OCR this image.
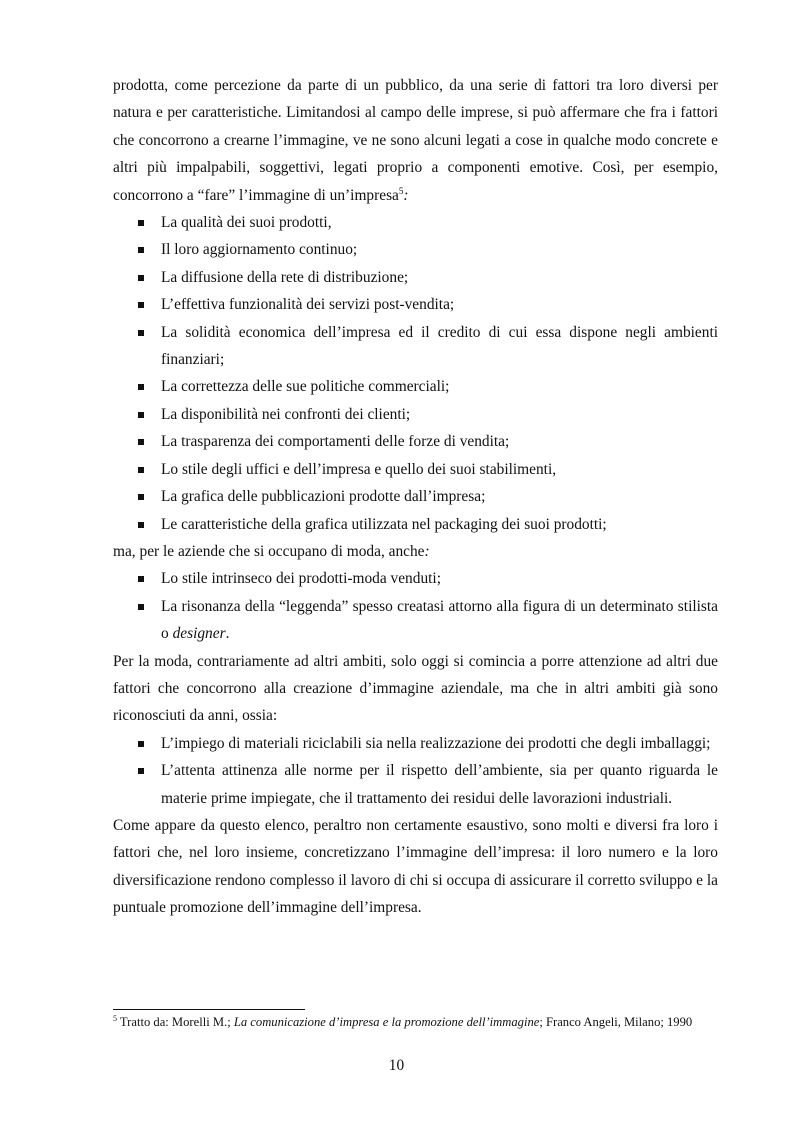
prodotta, come percezione da parte di un pubblico, da una serie di fattori tra loro diversi per natura e per caratteristiche. Limitandosi al campo delle imprese, si può affermare che fra i fattori che concorrono a crearne l’immagine, ve ne sono alcuni legati a cose in qualche modo concrete e altri più impalpabili, soggettivi, legati proprio a componenti emotive. Così, per esempio, concorrono a “fare” l’immagine di un’impresa$^5$:

La qualità dei suoi prodotti,
Il loro aggiornamento continuo;
La diffusione della rete di distribuzione;
L’effettiva funzionalità dei servizi post-vendita;
La solidità economica dell’impresa ed il credito di cui essa dispone negli ambienti finanziari;
La correttezza delle sue politiche commerciali;
La disponibilità nei confronti dei clienti;
La trasparenza dei comportamenti delle forze di vendita;
Lo stile degli uffici e dell’impresa e quello dei suoi stabilimenti,
La grafica delle pubblicazioni prodotte dall’impresa;
Le caratteristiche della grafica utilizzata nel packaging dei suoi prodotti;

ma, per le aziende che si occupano di moda, anche:

Lo stile intrinseco dei prodotti-moda venduti;
La risonanza della “leggenda” spesso creatasi attorno alla figura di un determinato stilista o designer.

Per la moda, contrariamente ad altri ambiti, solo oggi si comincia a porre attenzione ad altri due fattori che concorrono alla creazione d’immagine aziendale, ma che in altri ambiti già sono riconosciuti da anni, ossia:

L’impiego di materiali riciclabili sia nella realizzazione dei prodotti che degli imballaggi;
L’attenta attinenza alle norme per il rispetto dell’ambiente, sia per quanto riguarda le materie prime impiegate, che il trattamento dei residui delle lavorazioni industriali.

Come appare da questo elenco, peraltro non certamente esaustivo, sono molti e diversi fra loro i fattori che, nel loro insieme, concretizzano l’immagine dell’impresa: il loro numero e la loro diversificazione rendono complesso il lavoro di chi si occupa di assicurare il corretto sviluppo e la puntuale promozione dell’immagine dell’impresa.

$^5$ Tratto da: Morelli M.; La comunicazione d’impresa e la promozione dell’immagine; Franco Angeli, Milano; 1990
10
